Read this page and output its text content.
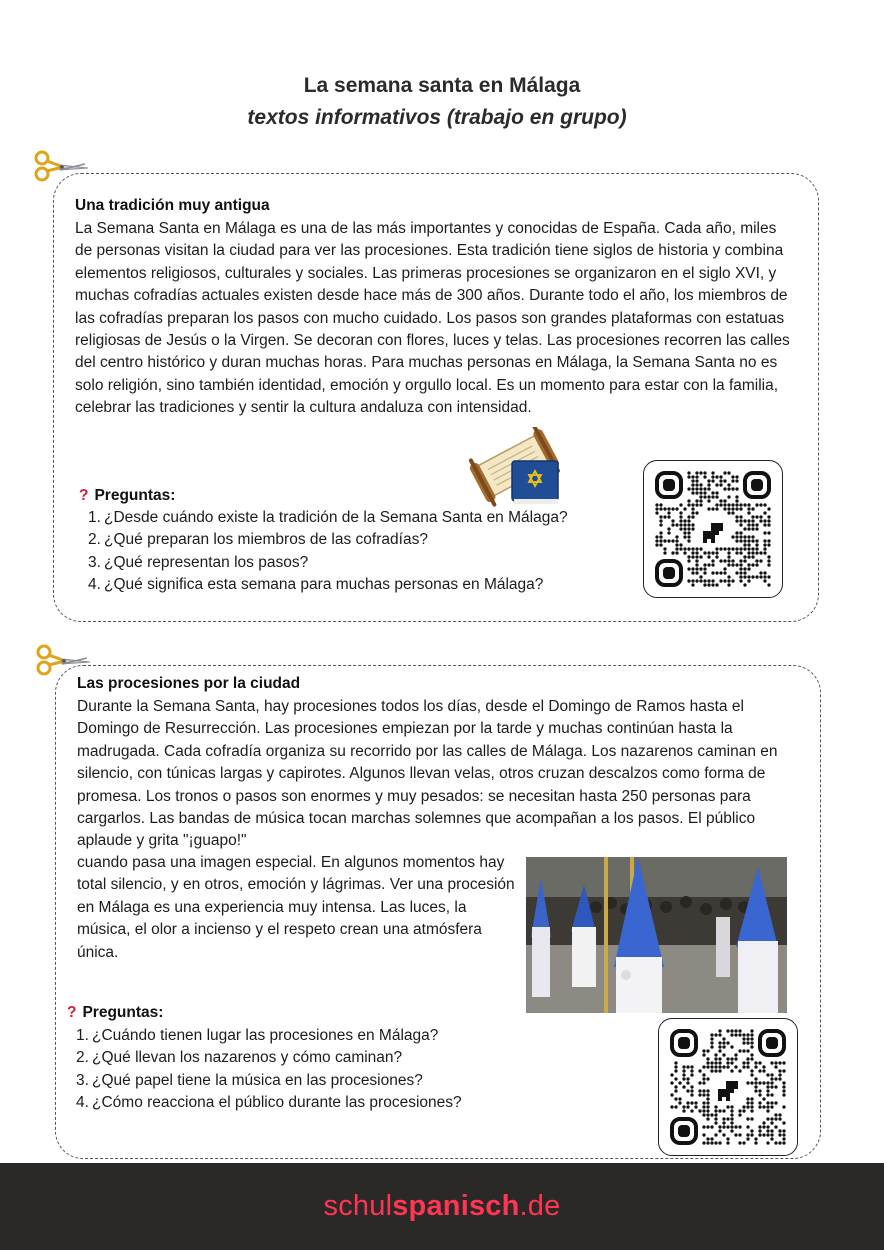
La semana santa en Málaga
textos informativos (trabajo en grupo)
Una tradición muy antigua

La Semana Santa en Málaga es una de las más importantes y conocidas de España. Cada año, miles de personas visitan la ciudad para ver las procesiones. Esta tradición tiene siglos de historia y combina elementos religiosos, culturales y sociales. Las primeras procesiones se organizaron en el siglo XVI, y muchas cofradías actuales existen desde hace más de 300 años. Durante todo el año, los miembros de las cofradías preparan los pasos con mucho cuidado. Los pasos son grandes plataformas con estatuas religiosas de Jesús o la Virgen. Se decoran con flores, luces y telas. Las procesiones recorren las calles del centro histórico y duran muchas horas. Para muchas personas en Málaga, la Semana Santa no es solo religión, sino también identidad, emoción y orgullo local. Es un momento para estar con la familia, celebrar las tradiciones y sentir la cultura andaluza con intensidad.

? Preguntas:
1. ¿Desde cuándo existe la tradición de la Semana Santa en Málaga?
2. ¿Qué preparan los miembros de las cofradías?
3. ¿Qué representan los pasos?
4. ¿Qué significa esta semana para muchas personas en Málaga?
Las procesiones por la ciudad

Durante la Semana Santa, hay procesiones todos los días, desde el Domingo de Ramos hasta el Domingo de Resurrección. Las procesiones empiezan por la tarde y muchas continúan hasta la madrugada. Cada cofradía organiza su recorrido por las calles de Málaga. Los nazarenos caminan en silencio, con túnicas largas y capirotes. Algunos llevan velas, otros cruzan descalzos como forma de promesa. Los tronos o pasos son enormes y muy pesados: se necesitan hasta 250 personas para cargarlos. Las bandas de música tocan marchas solemnes que acompañan a los pasos. El público aplaude y grita "¡guapo!"

cuando pasa una imagen especial. En algunos momentos hay total silencio, y en otros, emoción y lágrimas. Ver una procesión en Málaga es una experiencia muy intensa. Las luces, la música, el olor a incienso y el respeto crean una atmósfera única.

? Preguntas:
1. ¿Cuándo tienen lugar las procesiones en Málaga?
2. ¿Qué llevan los nazarenos y cómo caminan?
3. ¿Qué papel tiene la música en las procesiones?
4. ¿Cómo reacciona el público durante las procesiones?
schulspanisch.de
